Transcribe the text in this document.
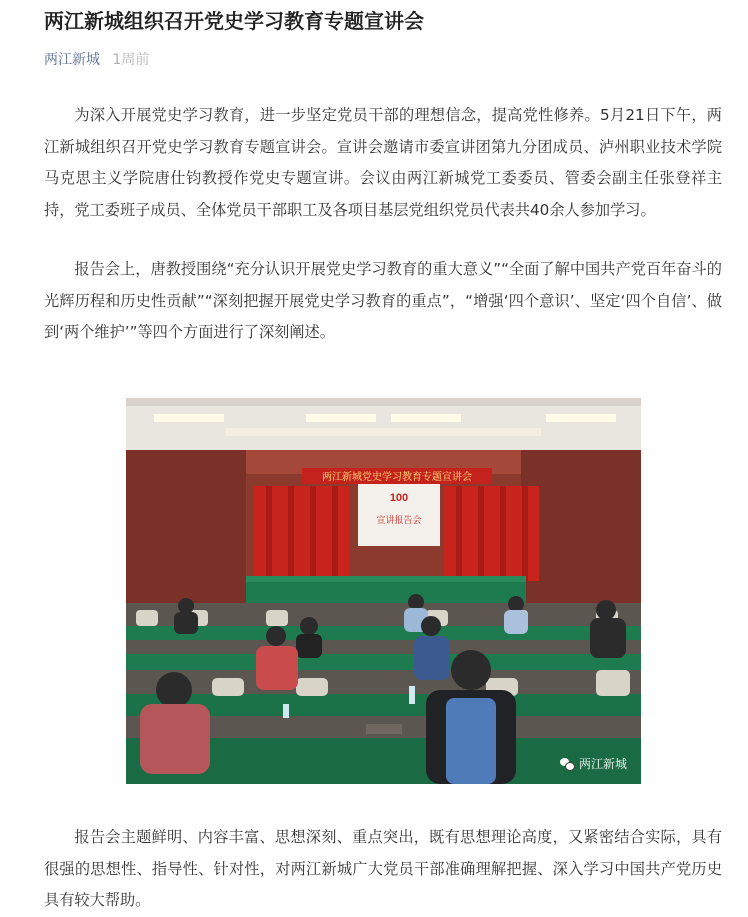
两江新城组织召开党史学习教育专题宣讲会
两江新城 1周前

为深入开展党史学习教育，进一步坚定党员干部的理想信念，提高党性修养。5月21日下午，两江新城组织召开党史学习教育专题宣讲会。宣讲会邀请市委宣讲团第九分团成员、泸州职业技术学院马克思主义学院唐仕钧教授作党史专题宣讲。会议由两江新城党工委委员、管委会副主任张登祥主持，党工委班子成员、全体党员干部职工及各项目基层党组织党员代表共40余人参加学习。

报告会上，唐教授围绕“充分认识开展党史学习教育的重大意义”“全面了解中国共产党百年奋斗的光辉历程和历史性贡献”“深刻把握开展党史学习教育的重点”，“增强‘四个意识’、坚定‘四个自信’、做到‘两个维护’”等四个方面进行了深刻阐述。

两江新城党史学习教育专题宣讲会
100
宣讲报告会
两江新城

报告会主题鲜明、内容丰富、思想深刻、重点突出，既有思想理论高度，又紧密结合实际，具有很强的思想性、指导性、针对性，对两江新城广大党员干部准确理解把握、深入学习中国共产党历史具有较大帮助。
